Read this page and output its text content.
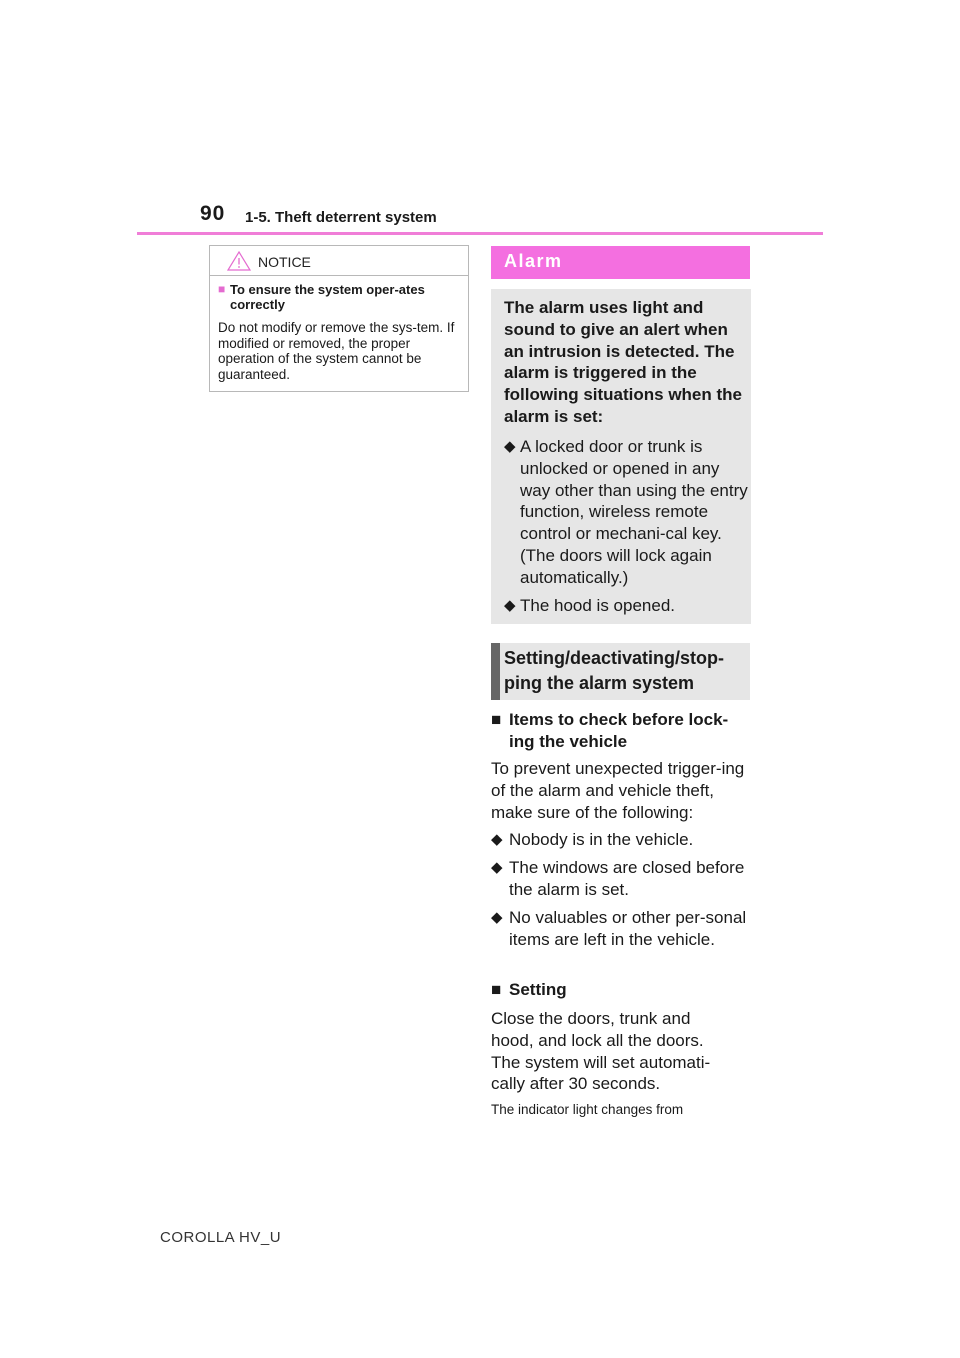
90 1-5. Theft deterrent system
NOTICE
■ To ensure the system oper-ates correctly
Do not modify or remove the sys-tem. If modified or removed, the proper operation of the system cannot be guaranteed.
Alarm
The alarm uses light and sound to give an alert when an intrusion is detected. The alarm is triggered in the following situations when the alarm is set:
◆ A locked door or trunk is unlocked or opened in any way other than using the entry function, wireless remote control or mechani-cal key. (The doors will lock again automatically.)
◆ The hood is opened.
Setting/deactivating/stop-ping the alarm system
■ Items to check before lock-ing the vehicle
To prevent unexpected trigger-ing of the alarm and vehicle theft, make sure of the following:
◆ Nobody is in the vehicle.
◆ The windows are closed before the alarm is set.
◆ No valuables or other per-sonal items are left in the vehicle.
■ Setting
Close the doors, trunk and hood, and lock all the doors. The system will set automati-cally after 30 seconds.
The indicator light changes from
COROLLA HV_U
